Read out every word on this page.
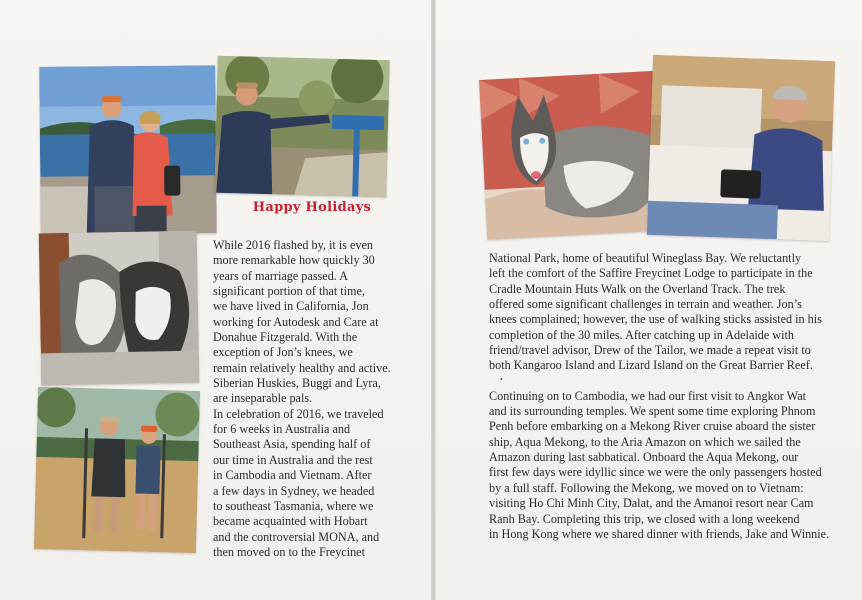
Happy Holidays
While 2016 flashed by, it is even
more remarkable how quickly 30
years of marriage passed. A
significant portion of that time,
we have lived in California, Jon
working for Autodesk and Care at
Donahue Fitzgerald. With the
exception of Jon’s knees, we
remain relatively healthy and active.
Siberian Huskies, Buggi and Lyra,
are inseparable pals.
In celebration of 2016, we traveled
for 6 weeks in Australia and
Southeast Asia, spending half of
our time in Australia and the rest
in Cambodia and Vietnam. After
a few days in Sydney, we headed
to southeast Tasmania, where we
became acquainted with Hobart
and the controversial MONA, and
then moved on to the Freycinet
National Park, home of beautiful Wineglass Bay. We reluctantly
left the comfort of the Saffire Freycinet Lodge to participate in the
Cradle Mountain Huts Walk on the Overland Track. The trek
offered some significant challenges in terrain and weather. Jon’s
knees complained; however, the use of walking sticks assisted in his
completion of the 30 miles. After catching up in Adelaide with
friend/travel advisor, Drew of the Tailor, we made a repeat visit to
both Kangaroo Island and Lizard Island on the Great Barrier Reef.
•
Continuing on to Cambodia, we had our first visit to Angkor Wat
and its surrounding temples. We spent some time exploring Phnom
Penh before embarking on a Mekong River cruise aboard the sister
ship, Aqua Mekong, to the Aria Amazon on which we sailed the
Amazon during last sabbatical. Onboard the Aqua Mekong, our
first few days were idyllic since we were the only passengers hosted
by a full staff. Following the Mekong, we moved on to Vietnam:
visiting Ho Chi Minh City, Dalat, and the Amanoi resort near Cam
Ranh Bay. Completing this trip, we closed with a long weekend
in Hong Kong where we shared dinner with friends, Jake and Winnie.
